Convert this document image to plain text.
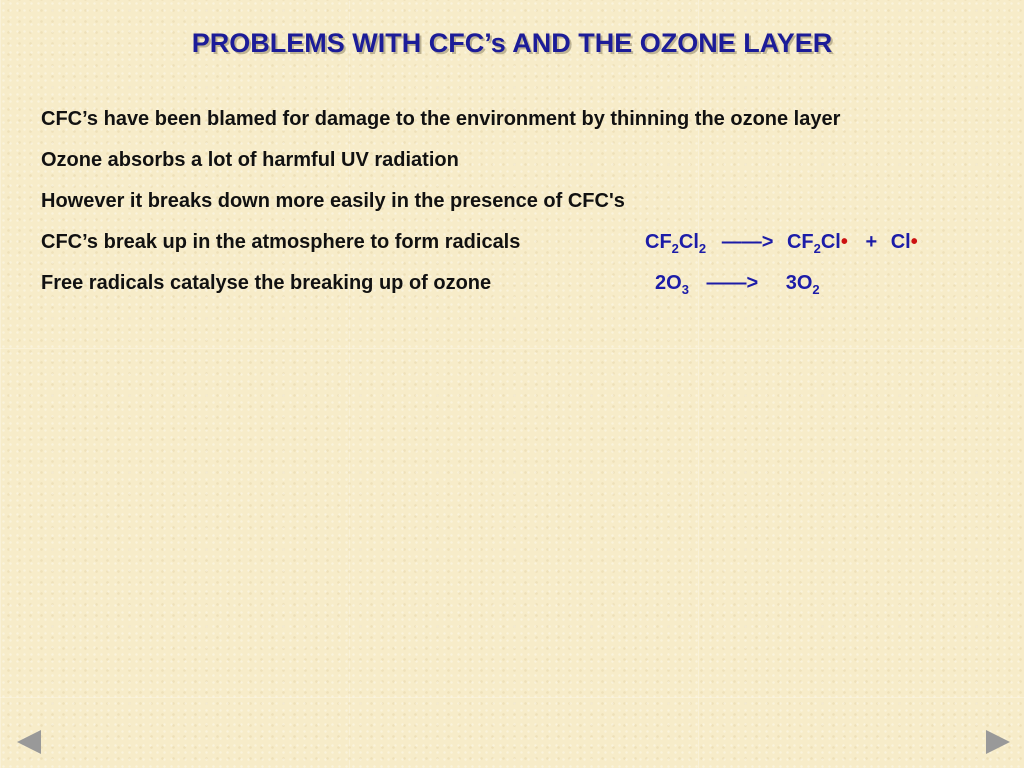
PROBLEMS WITH CFC’s AND THE OZONE LAYER
CFC’s have been blamed for damage to the environment by thinning the ozone layer
Ozone absorbs a lot of harmful UV radiation
However it breaks down more easily in the presence of CFC's
CFC’s break up in the atmosphere to form radicals
Free radicals catalyse the breaking up of ozone
$CF_2Cl_2$ ——> $CF_2Cl•$ + Cl•
$2O_3$ ——> $3O_2$
